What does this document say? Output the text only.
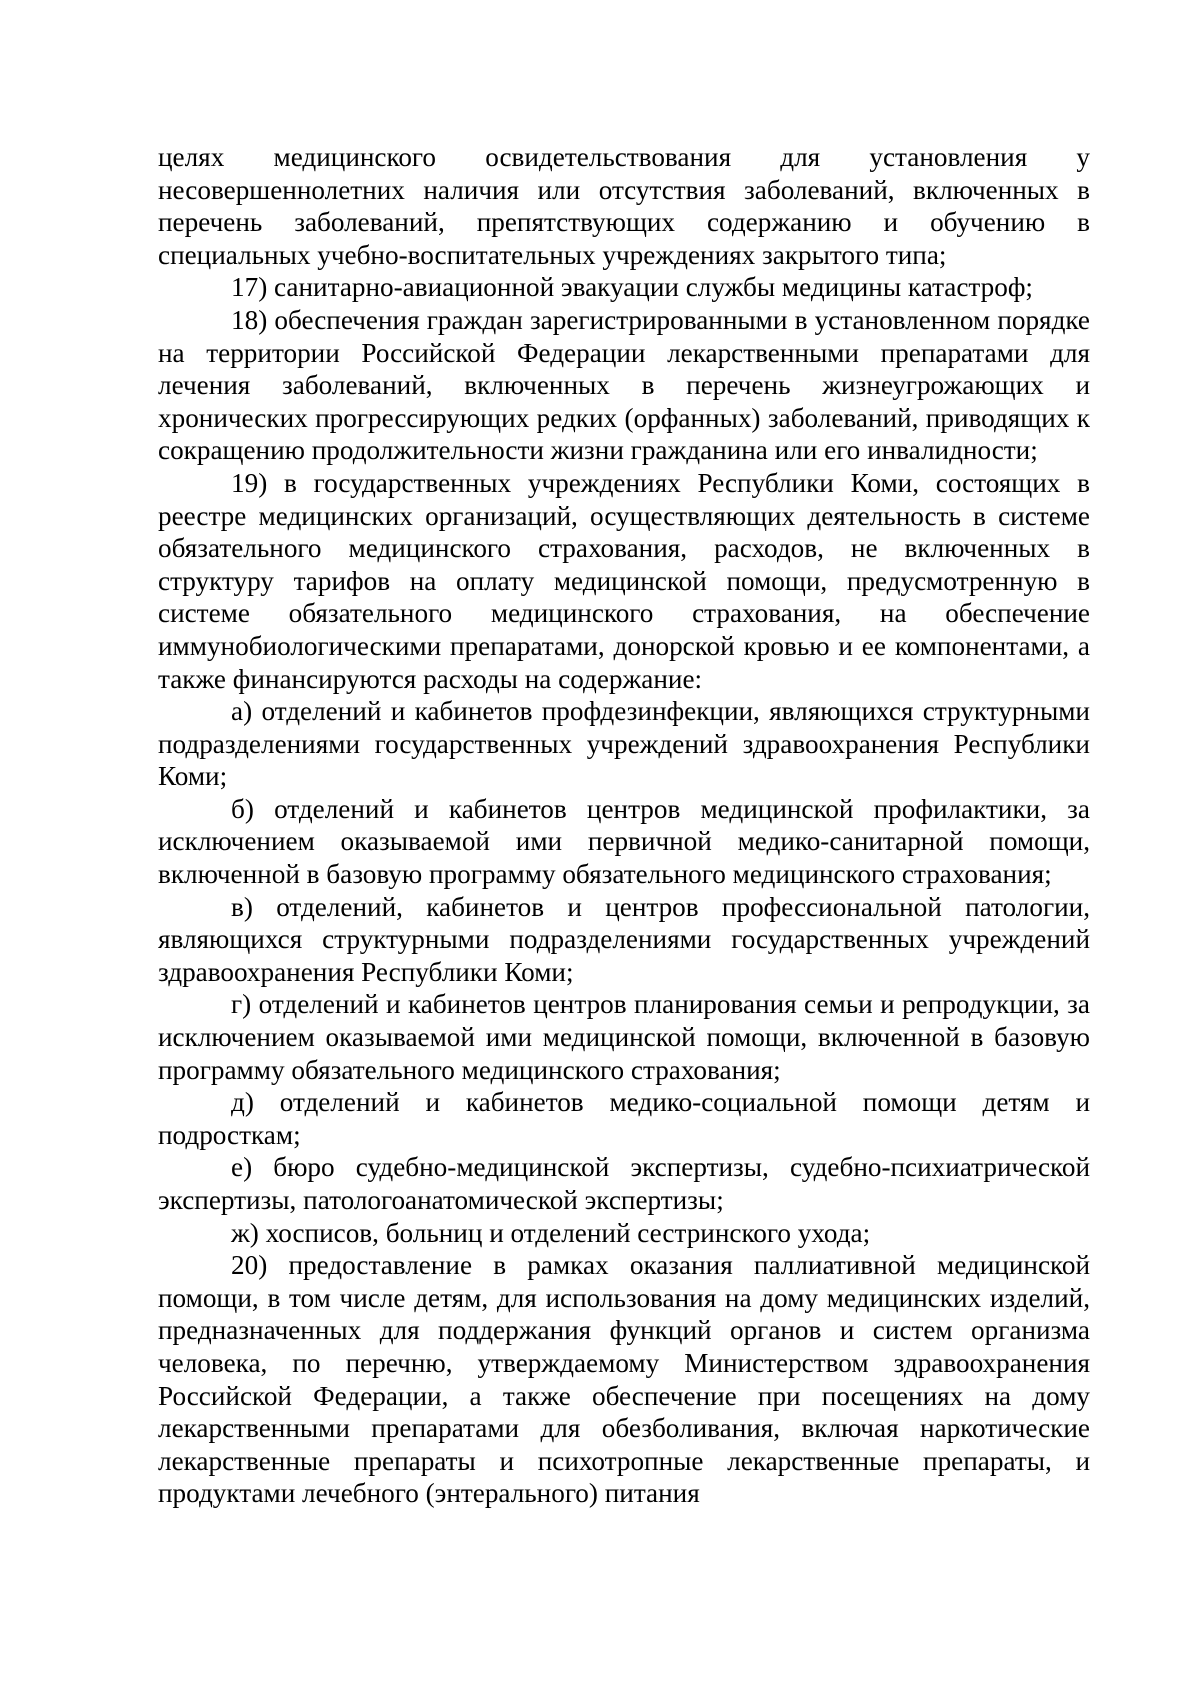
целях медицинского освидетельствования для установления у несовершеннолетних наличия или отсутствия заболеваний, включенных в перечень заболеваний, препятствующих содержанию и обучению в специальных учебно-воспитательных учреждениях закрытого типа;

17) санитарно-авиационной эвакуации службы медицины катастроф;

18) обеспечения граждан зарегистрированными в установленном порядке на территории Российской Федерации лекарственными препаратами для лечения заболеваний, включенных в перечень жизнеугрожающих и хронических прогрессирующих редких (орфанных) заболеваний, приводящих к сокращению продолжительности жизни гражданина или его инвалидности;

19) в государственных учреждениях Республики Коми, состоящих в реестре медицинских организаций, осуществляющих деятельность в системе обязательного медицинского страхования, расходов, не включенных в структуру тарифов на оплату медицинской помощи, предусмотренную в системе обязательного медицинского страхования, на обеспечение иммунобиологическими препаратами, донорской кровью и ее компонентами, а также финансируются расходы на содержание:

а) отделений и кабинетов профдезинфекции, являющихся структурными подразделениями государственных учреждений здравоохранения Республики Коми;

б) отделений и кабинетов центров медицинской профилактики, за исключением оказываемой ими первичной медико-санитарной помощи, включенной в базовую программу обязательного медицинского страхования;

в) отделений, кабинетов и центров профессиональной патологии, являющихся структурными подразделениями государственных учреждений здравоохранения Республики Коми;

г) отделений и кабинетов центров планирования семьи и репродукции, за исключением оказываемой ими медицинской помощи, включенной в базовую программу обязательного медицинского страхования;

д) отделений и кабинетов медико-социальной помощи детям и подросткам;

е) бюро судебно-медицинской экспертизы, судебно-психиатрической экспертизы, патологоанатомической экспертизы;

ж) хосписов, больниц и отделений сестринского ухода;

20) предоставление в рамках оказания паллиативной медицинской помощи, в том числе детям, для использования на дому медицинских изделий, предназначенных для поддержания функций органов и систем организма человека, по перечню, утверждаемому Министерством здравоохранения Российской Федерации, а также обеспечение при посещениях на дому лекарственными препаратами для обезболивания, включая наркотические лекарственные препараты и психотропные лекарственные препараты, и продуктами лечебного (энтерального) питания
